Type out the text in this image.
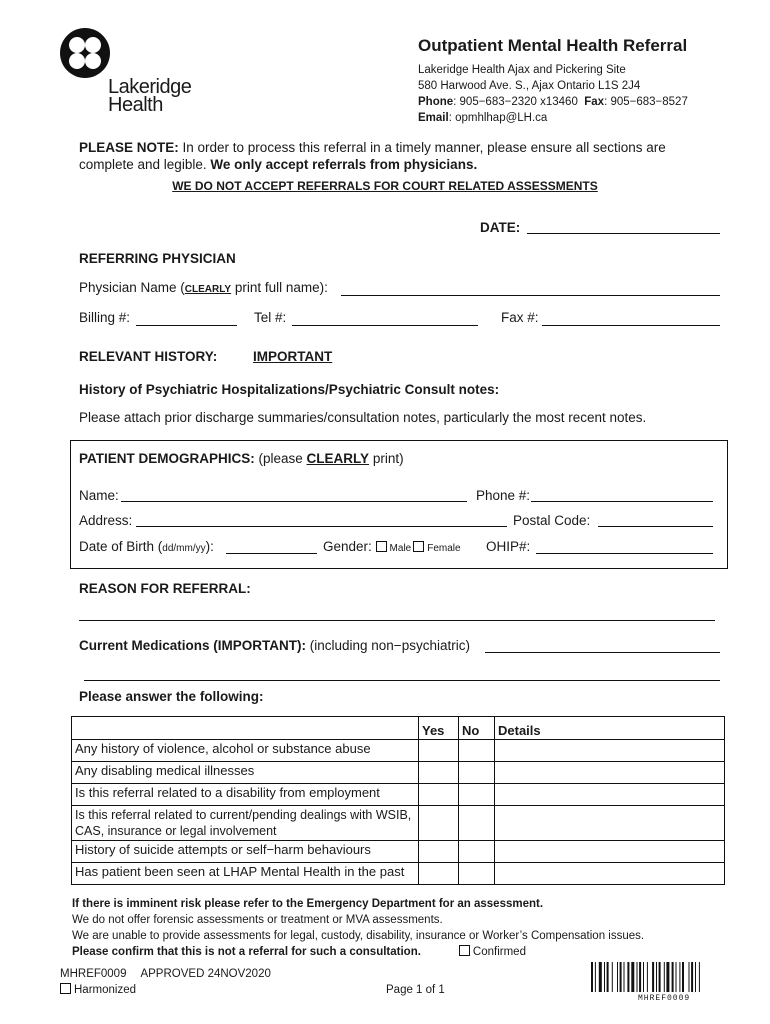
Lakeridge
Health
Outpatient Mental Health Referral
Lakeridge Health Ajax and Pickering Site
580 Harwood Ave. S., Ajax Ontario L1S 2J4
Phone: 905−683−2320 x13460 Fax: 905−683−8527
Email: opmhlhap@LH.ca
PLEASE NOTE: In order to process this referral in a timely manner, please ensure all sections are complete and legible. We only accept referrals from physicians.
WE DO NOT ACCEPT REFERRALS FOR COURT RELATED ASSESSMENTS
DATE:
REFERRING PHYSICIAN
Physician Name (CLEARLY print full name):
Billing #:	Tel #:	Fax #:
RELEVANT HISTORY:	IMPORTANT
History of Psychiatric Hospitalizations/Psychiatric Consult notes:
Please attach prior discharge summaries/consultation notes, particularly the most recent notes.
PATIENT DEMOGRAPHICS: (please CLEARLY print)
Name:	Phone #:
Address:	Postal Code:
Date of Birth (dd/mm/yy):	Gender: Male Female OHIP#:
REASON FOR REFERRAL:
Current Medications (IMPORTANT): (including non−psychiatric)
Please answer the following:
	Yes	No	Details
Any history of violence, alcohol or substance abuse			
Any disabling medical illnesses			
Is this referral related to a disability from employment			
Is this referral related to current/pending dealings with WSIB, CAS, insurance or legal involvement			
History of suicide attempts or self−harm behaviours			
Has patient been seen at LHAP Mental Health in the past			
If there is imminent risk please refer to the Emergency Department for an assessment.
We do not offer forensic assessments or treatment or MVA assessments.
We are unable to provide assessments for legal, custody, disability, insurance or Worker’s Compensation issues.
Please confirm that this is not a referral for such a consultation.	Confirmed
MHREF0009 APPROVED 24NOV2020
Harmonized	Page 1 of 1
MHREF0009
